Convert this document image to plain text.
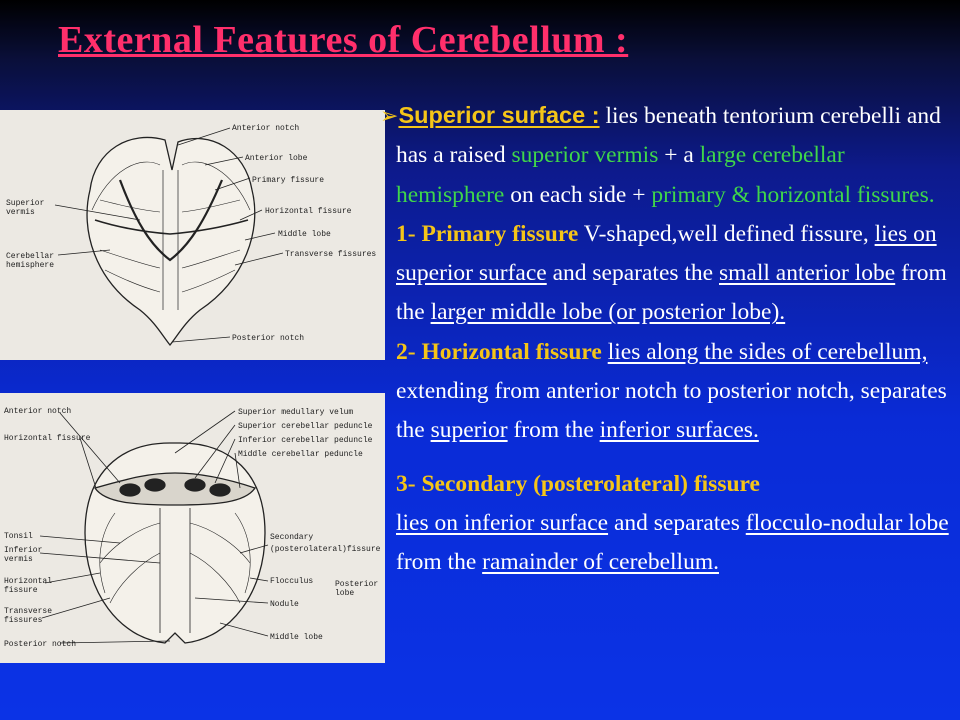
External Features of Cerebellum :
Anterior notch
Anterior lobe
Primary fissure
Superior
vermis	Horizontal fissure
Middle lobe
Cerebellar
hemisphere
Transverse fissures
Posterior notch
Anterior notch
Horizontal fissure
Superior medullary velum
Superior cerebellar peduncle
Inferior cerebellar peduncle
Middle cerebellar peduncle
Tonsil
Inferior
vermis
Horizontal
fissure
Transverse
fissures
Posterior notch
Secondary
(posterolateral)fissure
Flocculus
Nodule
Posterior
lobe
Middle lobe

➢Superior surface : lies beneath tentorium cerebelli and has a raised superior vermis + a large cerebellar hemisphere on each side + primary & horizontal fissures.

1- Primary fissure V-shaped,well defined fissure, lies on superior surface and separates the small anterior lobe from the larger middle lobe (or posterior lobe).

2- Horizontal fissure lies along the sides of cerebellum, extending from anterior notch to posterior notch, separates the superior from the inferior surfaces.

3- Secondary (posterolateral) fissure
lies on inferior surface and separates flocculo-nodular lobe from the ramainder of cerebellum.
